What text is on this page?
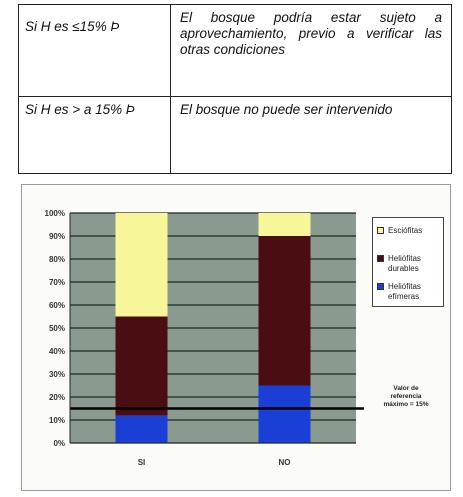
Si H es ≤15% Þ
El bosque podría estar sujeto a aprovechamiento, previo a verificar las otras condiciones
Si H es > a 15% Þ	El bosque no puede ser intervenido
0%
10%
20%
30%
40%
50%
60%
70%
80%
90%
100%
SI	NO
Esciófitas
Heliófitas durables
Heliófitas efímeras
Valor de
referencia
máximo = 15%
